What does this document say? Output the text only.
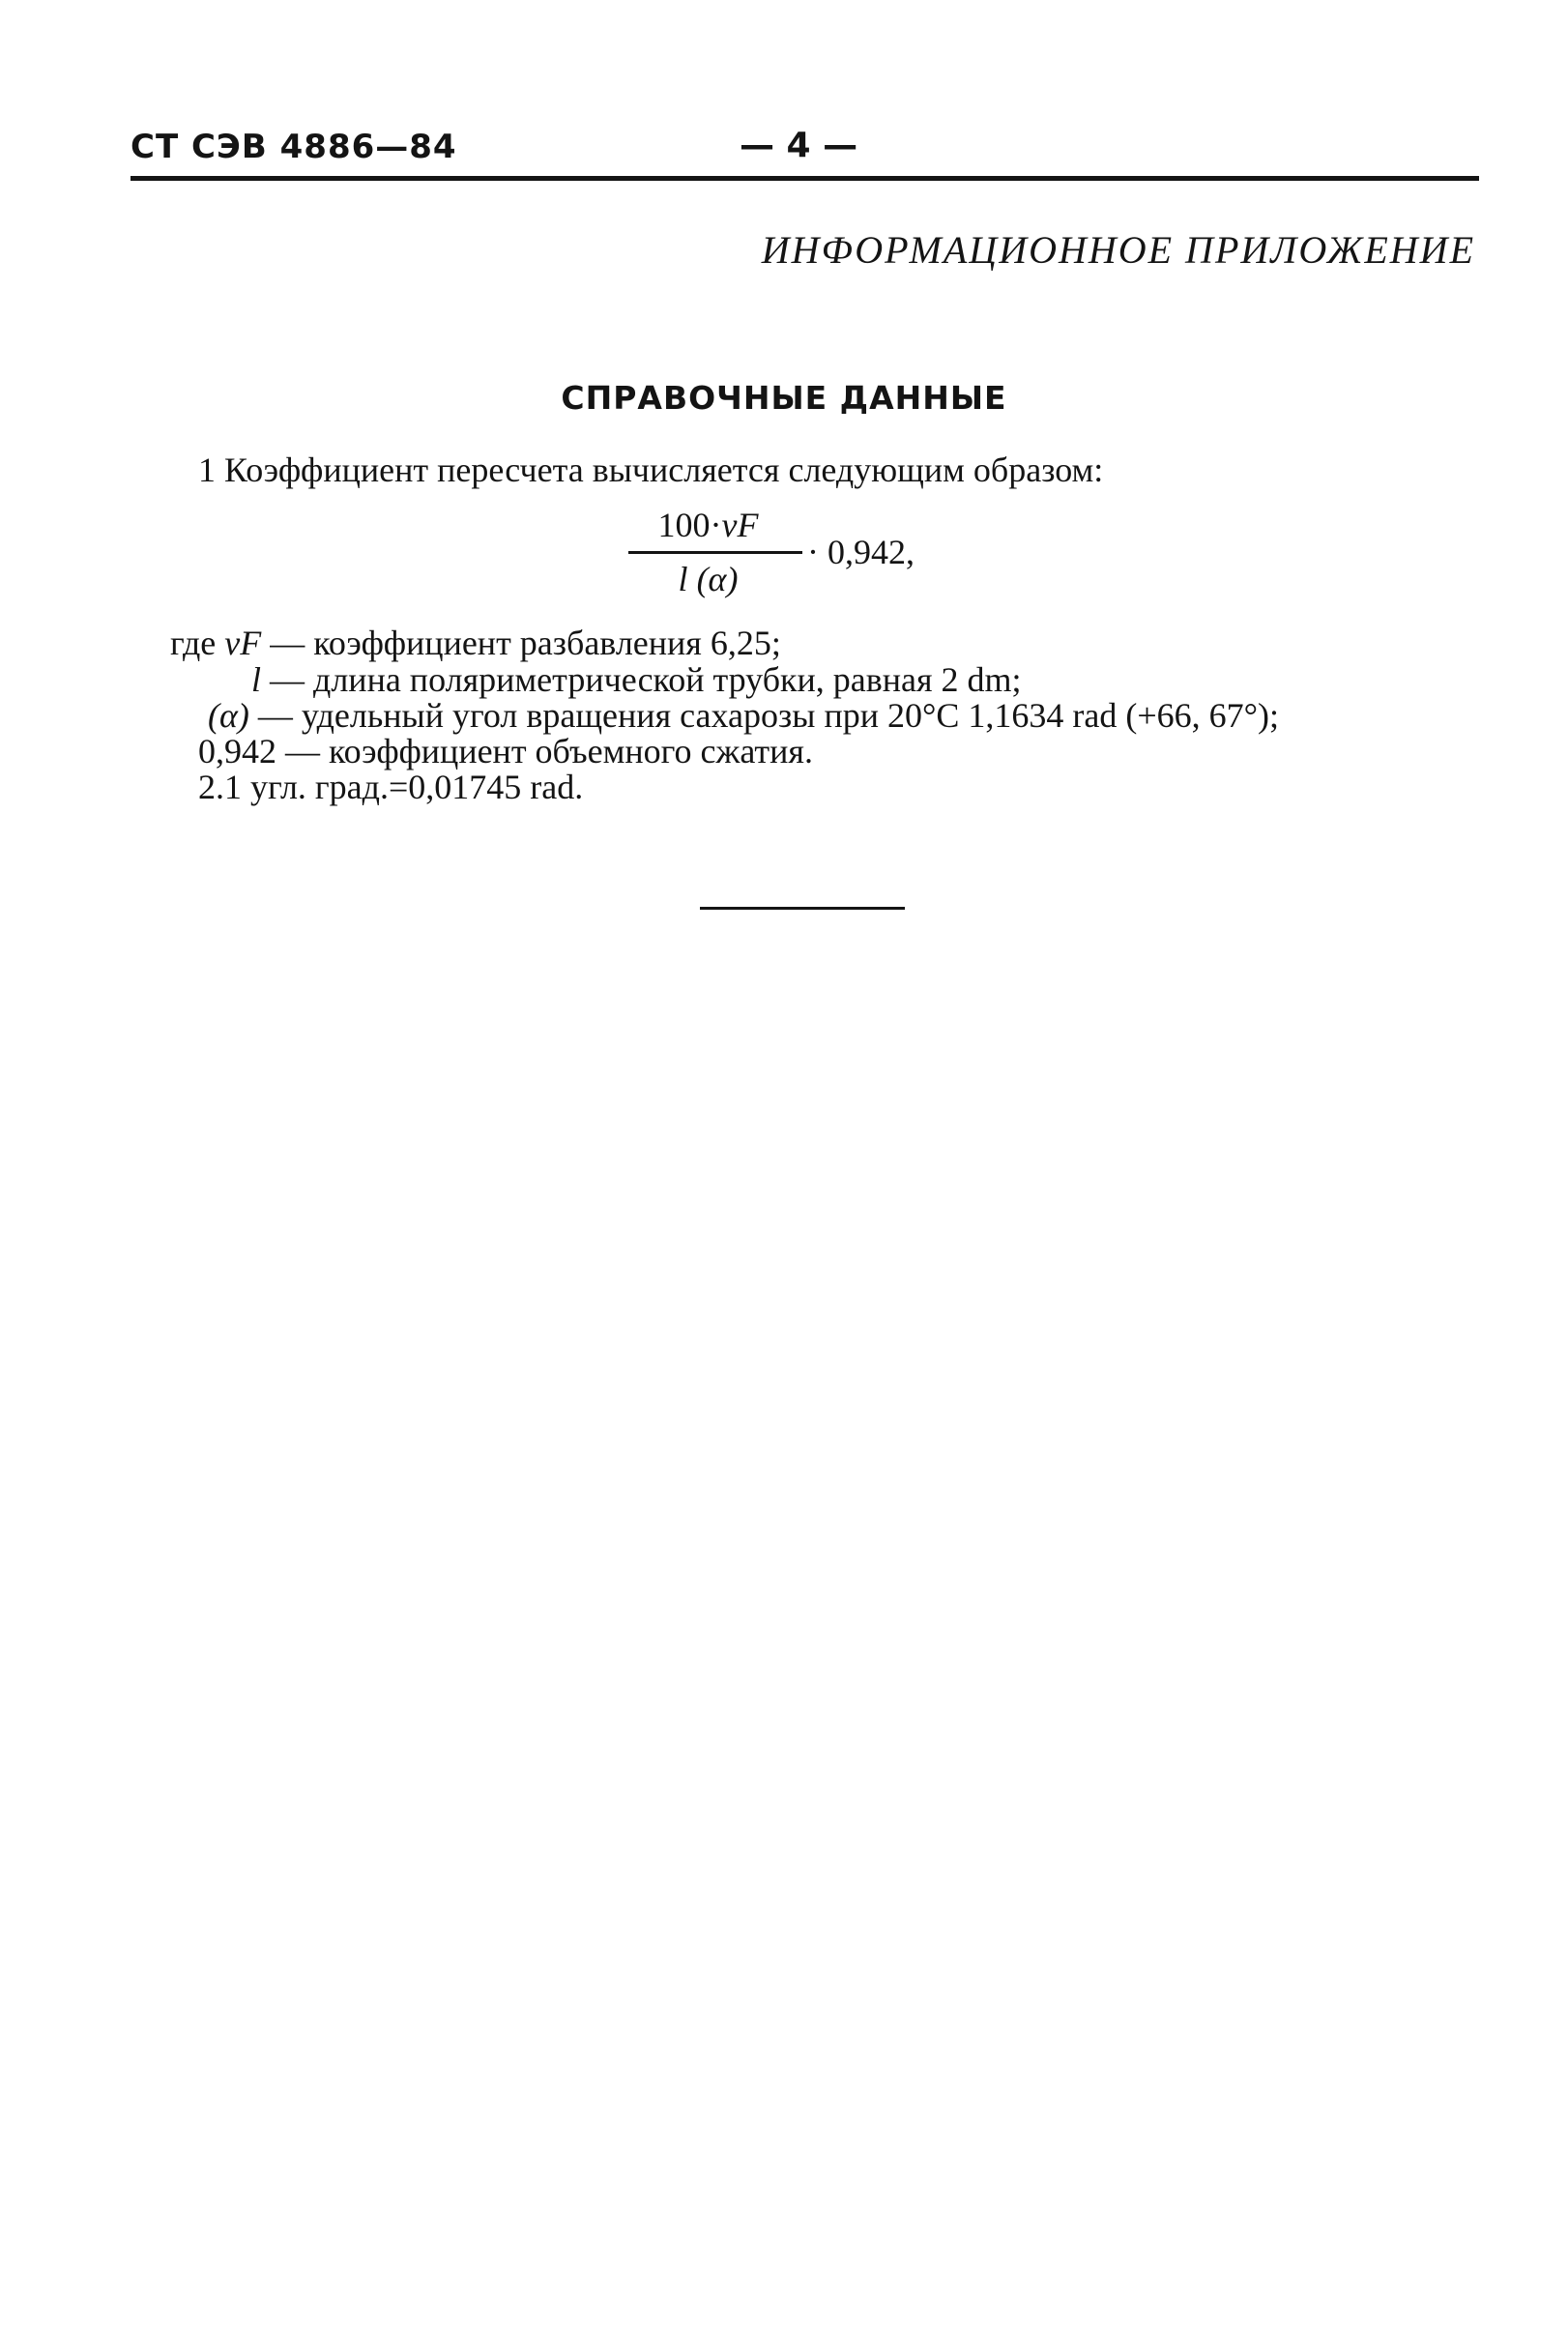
СТ СЭВ 4886—84	— 4 —
ИНФОРМАЦИОННОЕ ПРИЛОЖЕНИЕ
СПРАВОЧНЫЕ ДАННЫЕ
1 Коэффициент пересчета вычисляется следующим образом:
100·vF
l (α)
· 0,942,
где vF — коэффициент разбавления 6,25;
l — длина поляриметрической трубки, равная 2 dm;
(α) — удельный угол вращения сахарозы при 20°С 1,1634 rad (+66, 67°);
0,942 — коэффициент объемного сжатия.
2.1 угл. град.=0,01745 rad.
